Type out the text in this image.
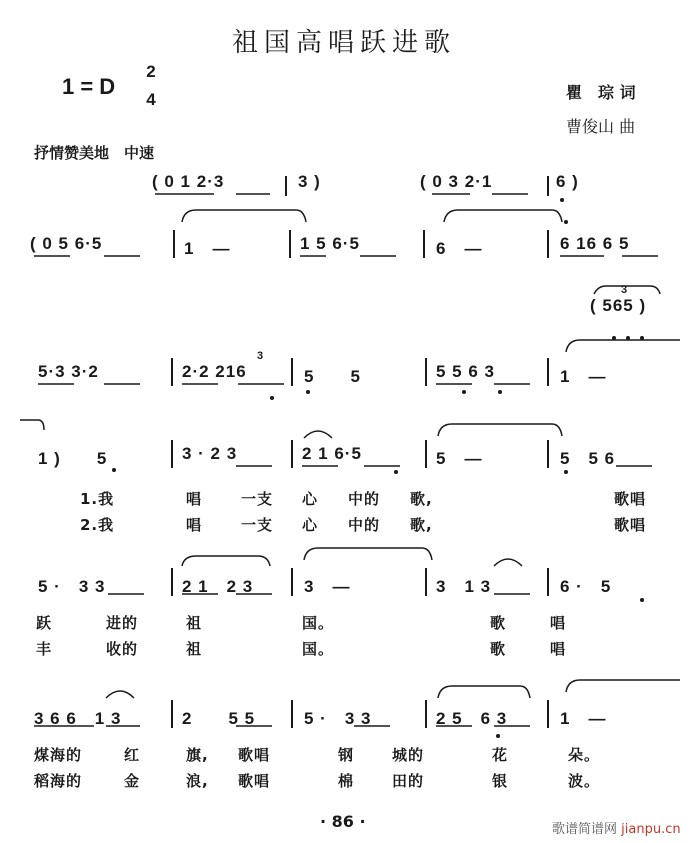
祖国高唱跃进歌
1 = D
2
4	瞿　琮 词
曹俊山 曲
抒情赞美地　中速
( 0 1 2·3	3 )	( 0 3 2·1	6 )
( 0 5 6·5	1　—	1 5 6·5	6　—	6 16 6 5
( 565 )
3
5·3 3·2	2·2 216
3
5　　5	5 5 6 3	1　—
1 )　　5	3 · 2 3	2 1 6·5	5　—	5　5 6
1.我	唱	一支 心 中的 歌,	歌唱
2.我	唱	一支 心 中的 歌,	歌唱
5 ·　3 3	2 1　2 3	3　—	3　1 3	6 ·　5
跃	进的	祖	国。	歌	唱
丰	收的	祖	国。	歌	唱
3 6 6　1 3	2　　5 5	5 ·　3 3	2 5　6 3	1　—
煤海的	红	旗, 歌唱	钢	城的	花	朵。
稻海的	金	浪, 歌唱	棉	田的	银	波。
· 86 ·	歌谱简谱网 jianpu.cn
